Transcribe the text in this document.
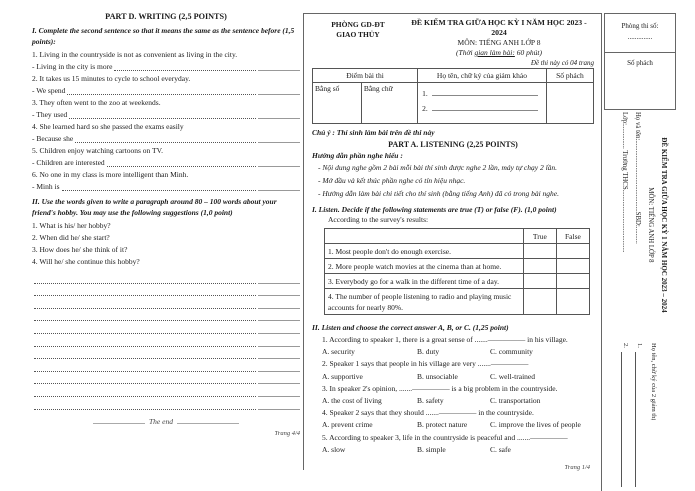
PART D. WRITING (2,5 POINTS)
I. Complete the second sentence so that it means the same as the sentence before (1,5 points):
1. Living in the countryside is not as convenient as living in the city.
- Living in the city is more
2. It takes us 15 minutes to cycle to school everyday.
- We spend
3. They often went to the zoo at weekends.
- They used
4. She learned hard so she passed the exams easily
- Because she
5. Children enjoy watching cartoons on TV.
- Children are interested
6. No one in my class is more intelligent than Minh.
- Minh is
II. Use the words given to write a paragraph around 80 – 100 words about your friend's hobby. You may use the following suggestions (1,0 point)
1. What is his/ her hobby?
2. When did he/ she start?
3. How does he/ she think of it?
4. Will he/ she continue this hobby?
The end
Trang 4/4
PHÒNG GD-ĐT
GIAO THỦY
ĐỀ KIỂM TRA GIỮA HỌC KỲ I NĂM HỌC 2023 - 2024
MÔN: TIẾNG ANH LỚP 8
(Thời gian làm bài: 60 phút)
Đề thi này có 04 trang
Điểm bài thi		Họ tên, chữ ký của giám khảo	Số phách
Bằng số	Bằng chữ	1.
2.	

Chú ý : Thí sinh làm bài trên đề thi này
PART A. LISTENING (2,25 POINTS)
Hướng dẫn phần nghe hiểu :
- Nội dung nghe gồm 2 bài mỗi bài thí sinh được nghe 2 lần, máy tự chạy 2 lần.
- Mở đầu và kết thúc phần nghe có tín hiệu nhạc.
- Hướng dẫn làm bài chi tiết cho thí sinh (bằng tiếng Anh) đã có trong bài nghe.
I. Listen. Decide if the following statements are true (T) or false (F). (1,0 point)
According to the survey's results:
	True	False
1. Most people don't do enough exercise.		
2. More people watch movies at the cinema than at home.		
3. Everybody go for a walk in the different time of a day.		
4. The number of people listening to radio and playing music accounts for nearly 80%.		
II. Listen and choose the correct answer A, B, or C. (1,25 point)
1. According to speaker 1, there is a great sense of .......————— in his village.
A. security	B. duty	C. community
2. Speaker 1 says that people in his village are very .......—————
A. supportive	B. unsociable	C. well-trained
3. In speaker 2's opinion, .......————— is a big problem in the countryside.
A. the cost of living	B. safety	C. transportation
4. Speaker 2 says that they should .......————— in the countryside.
A. prevent crime	B. protect nature	C. improve the lives of people
5. According to speaker 3, life in the countryside is peaceful and .......—————
A. slow	B. simple	C. safe
Trang 1/4
Phòng thi số:
..............
Số phách
ĐỀ KIỂM TRA GIỮA HỌC KỲ 1 NĂM HỌC 2023 – 2024
MÔN: TIẾNG ANH LỚP 8
Họ và tên:..........................................SBD:..........
Lớp:.............. Trường THCS.....................................
Họ tên, chữ ký của 2 giám thị
1.
2.
